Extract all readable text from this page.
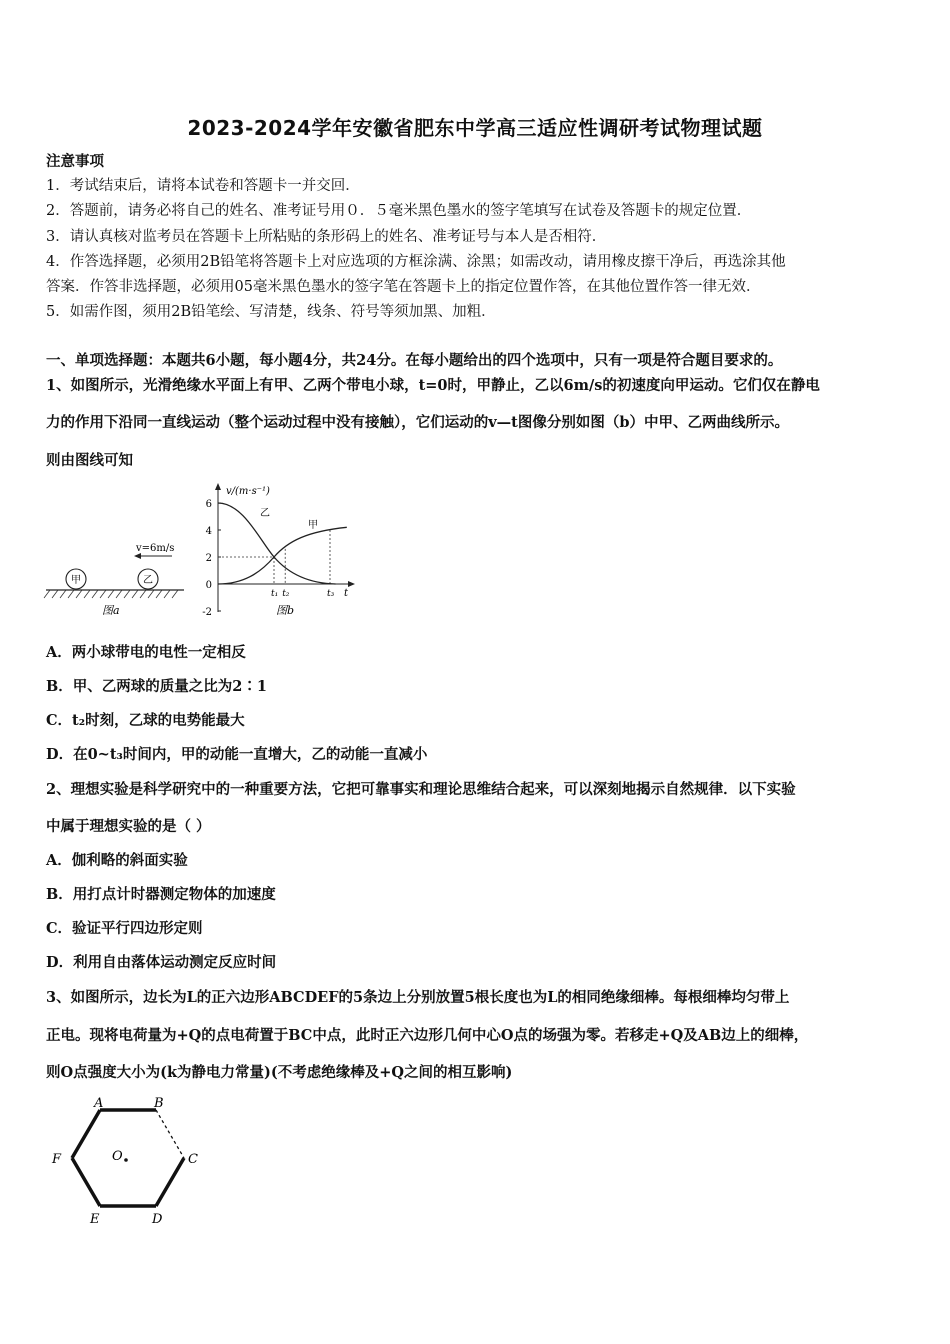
2023-2024学年安徽省肥东中学高三适应性调研考试物理试题
注意事项
1．考试结束后，请将本试卷和答题卡一并交回．
2．答题前，请务必将自己的姓名、准考证号用０．５毫米黑色墨水的签字笔填写在试卷及答题卡的规定位置．
3．请认真核对监考员在答题卡上所粘贴的条形码上的姓名、准考证号与本人是否相符．
4．作答选择题，必须用2B铅笔将答题卡上对应选项的方框涂满、涂黑；如需改动，请用橡皮擦干净后，再选涂其他
答案．作答非选择题，必须用05毫米黑色墨水的签字笔在答题卡上的指定位置作答，在其他位置作答一律无效．
5．如需作图，须用2B铅笔绘、写清楚，线条、符号等须加黑、加粗．
一、单项选择题：本题共6小题，每小题4分，共24分。在每小题给出的四个选项中，只有一项是符合题目要求的。
1、如图所示，光滑绝缘水平面上有甲、乙两个带电小球，t=0时，甲静止，乙以6m/s的初速度向甲运动。它们仅在静电
力的作用下沿同一直线运动（整个运动过程中没有接触），它们运动的v—t图像分别如图（b）中甲、乙两曲线所示。
则由图线可知
甲	乙
v=6m/s
图a
v/(m·s⁻¹)
t
6
4
2
0
-2
t₁ t₂	t₃
乙
甲
图b
A．两小球带电的电性一定相反
B．甲、乙两球的质量之比为2∶1
C．t₂时刻，乙球的电势能最大
D．在0~t₃时间内，甲的动能一直增大，乙的动能一直减小
2、理想实验是科学研究中的一种重要方法，它把可靠事实和理论思维结合起来，可以深刻地揭示自然规律．以下实验
中属于理想实验的是（ ）
A．伽利略的斜面实验
B．用打点计时器测定物体的加速度
C．验证平行四边形定则
D．利用自由落体运动测定反应时间
3、如图所示，边长为L的正六边形ABCDEF的5条边上分别放置5根长度也为L的相同绝缘细棒。每根细棒均匀带上
正电。现将电荷量为+Q的点电荷置于BC中点，此时正六边形几何中心O点的场强为零。若移走+Q及AB边上的细棒，
则O点强度大小为(k为静电力常量)(不考虑绝缘棒及+Q之间的相互影响)
A	B
C
D
E
F	O
